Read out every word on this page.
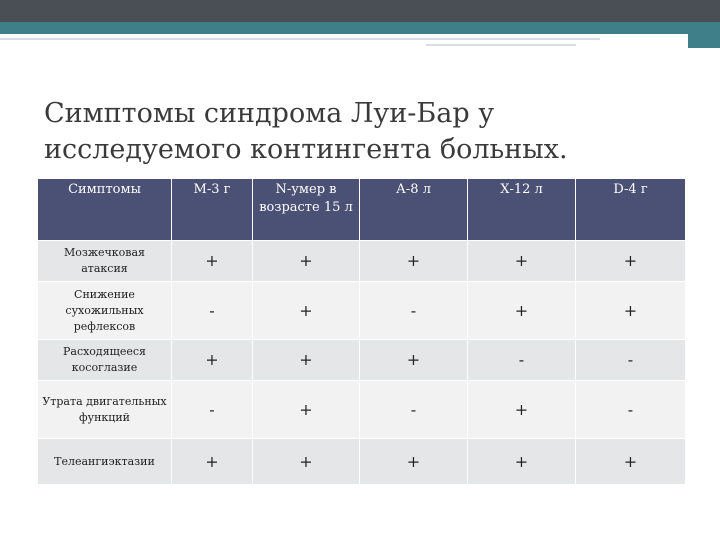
Симптомы синдрома Луи-Бар у исследуемого контингента больных.
Симптомы	М-3 г	N-умер в возрасте 15 л	А-8 л	Х-12 л	D-4 г
Мозжечковая атаксия	+	+	+	+	+
Снижение сухожильных рефлексов	-	+	-	+	+
Расходящееся косоглазие	+	+	+	-	-
Утрата двигательных функций	-	+	-	+	-
Телеангиэктазии	+	+	+	+	+
